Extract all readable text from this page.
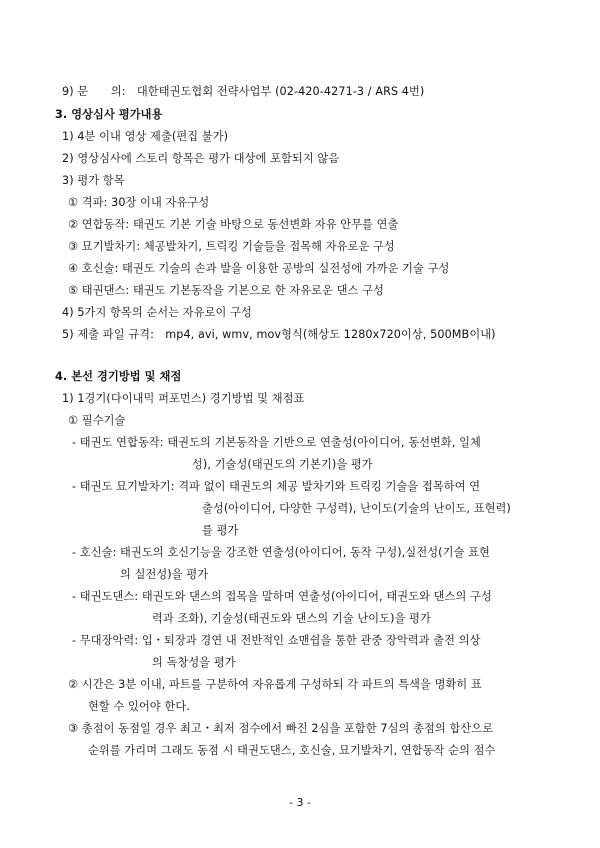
9) 문　　의:　대한태권도협회 전략사업부 (02-420-4271-3 / ARS 4번)
3. 영상심사 평가내용
1) 4분 이내 영상 제출(편집 불가)
2) 영상심사에 스토리 항목은 평가 대상에 포함되지 않음
3) 평가 항목
① 격파: 30장 이내 자유구성
② 연합동작: 태권도 기본 기술 바탕으로 동선변화 자유 안무를 연출
③ 묘기발차기: 체공발차기, 트릭킹 기술들을 접목해 자유로운 구성
④ 호신술: 태권도 기술의 손과 발을 이용한 공방의 실전성에 가까운 기술 구성
⑤ 태권댄스: 태권도 기본동작을 기본으로 한 자유로운 댄스 구성
4) 5가지 항목의 순서는 자유로이 구성
5) 제출 파일 규격:　mp4, avi, wmv, mov형식(해상도 1280x720이상, 500MB이내)
4. 본선 경기방법 및 채점
1) 1경기(다이내믹 퍼포먼스) 경기방법 및 채점표
① 필수기술
- 태권도 연합동작: 태권도의 기본동작을 기반으로 연출성(아이디어, 동선변화, 일체
성), 기술성(태권도의 기본기)을 평가
- 태권도 묘기발차기: 격파 없이 태권도의 체공 발차기와 트릭킹 기술을 접목하여 연
출성(아이디어, 다양한 구성력), 난이도(기술의 난이도, 표현력)
를 평가
- 호신술: 태권도의 호신기능을 강조한 연출성(아이디어, 동작 구성),실전성(기술 표현
의 실전성)을 평가
- 태권도댄스: 태권도와 댄스의 접목을 말하며 연출성(아이디어, 태권도와 댄스의 구성
력과 조화), 기술성(태권도와 댄스의 기술 난이도)을 평가
- 무대장악력: 입・퇴장과 경연 내 전반적인 쇼맨쉽을 통한 관중 장악력과 출전 의상
의 독창성을 평가
② 시간은 3분 이내, 파트를 구분하여 자유롭게 구성하되 각 파트의 특색을 명확히 표
현할 수 있어야 한다.
③ 총점이 동점일 경우 최고・최저 점수에서 빠진 2심을 포함한 7심의 총점의 합산으로
순위를 가리며 그래도 동점 시 태권도댄스, 호신술, 묘기발차기, 연합동작 순의 점수
- 3 -
